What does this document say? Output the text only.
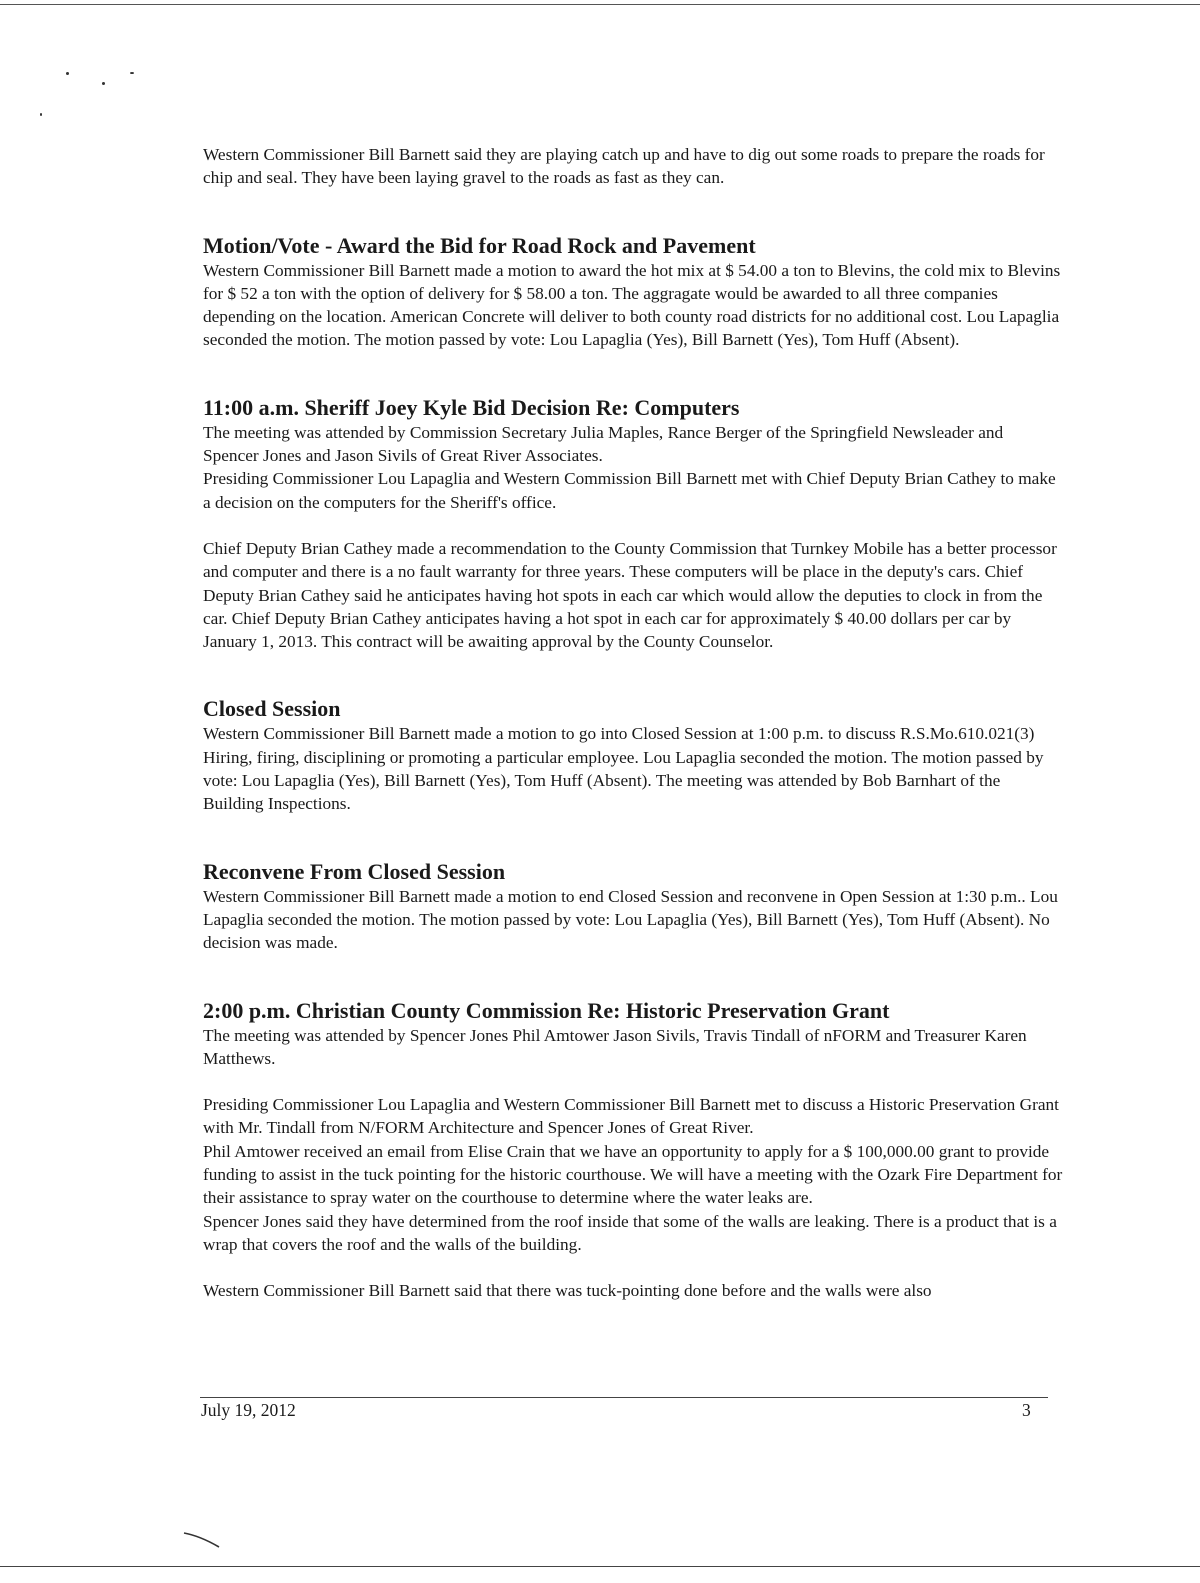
Western Commissioner Bill Barnett said they are playing catch up and have to dig out some roads to prepare the roads for chip and seal. They have been laying gravel to the roads as fast as they can.

Motion/Vote - Award the Bid for Road Rock and Pavement

Western Commissioner Bill Barnett made a motion to award the hot mix at $ 54.00 a ton to Blevins, the cold mix to Blevins for $ 52 a ton with the option of delivery for $ 58.00 a ton. The aggragate would be awarded to all three companies depending on the location. American Concrete will deliver to both county road districts for no additional cost. Lou Lapaglia seconded the motion. The motion passed by vote: Lou Lapaglia (Yes), Bill Barnett (Yes), Tom Huff (Absent).

11:00 a.m. Sheriff Joey Kyle Bid Decision Re: Computers

The meeting was attended by Commission Secretary Julia Maples, Rance Berger of the Springfield Newsleader and Spencer Jones and Jason Sivils of Great River Associates.

Presiding Commissioner Lou Lapaglia and Western Commission Bill Barnett met with Chief Deputy Brian Cathey to make a decision on the computers for the Sheriff's office.

Chief Deputy Brian Cathey made a recommendation to the County Commission that Turnkey Mobile has a better processor and computer and there is a no fault warranty for three years. These computers will be place in the deputy's cars. Chief Deputy Brian Cathey said he anticipates having hot spots in each car which would allow the deputies to clock in from the car. Chief Deputy Brian Cathey anticipates having a hot spot in each car for approximately $ 40.00 dollars per car by January 1, 2013. This contract will be awaiting approval by the County Counselor.

Closed Session

Western Commissioner Bill Barnett made a motion to go into Closed Session at 1:00 p.m. to discuss R.S.Mo.610.021(3) Hiring, firing, disciplining or promoting a particular employee. Lou Lapaglia seconded the motion. The motion passed by vote: Lou Lapaglia (Yes), Bill Barnett (Yes), Tom Huff (Absent). The meeting was attended by Bob Barnhart of the Building Inspections.

Reconvene From Closed Session

Western Commissioner Bill Barnett made a motion to end Closed Session and reconvene in Open Session at 1:30 p.m.. Lou Lapaglia seconded the motion. The motion passed by vote: Lou Lapaglia (Yes), Bill Barnett (Yes), Tom Huff (Absent). No decision was made.

2:00 p.m. Christian County Commission Re: Historic Preservation Grant

The meeting was attended by Spencer Jones Phil Amtower Jason Sivils, Travis Tindall of nFORM and Treasurer Karen Matthews.

Presiding Commissioner Lou Lapaglia and Western Commissioner Bill Barnett met to discuss a Historic Preservation Grant with Mr. Tindall from N/FORM Architecture and Spencer Jones of Great River.

Phil Amtower received an email from Elise Crain that we have an opportunity to apply for a $ 100,000.00 grant to provide funding to assist in the tuck pointing for the historic courthouse. We will have a meeting with the Ozark Fire Department for their assistance to spray water on the courthouse to determine where the water leaks are.

Spencer Jones said they have determined from the roof inside that some of the walls are leaking. There is a product that is a wrap that covers the roof and the walls of the building.

Western Commissioner Bill Barnett said that there was tuck-pointing done before and the walls were also

July 19, 2012	3
